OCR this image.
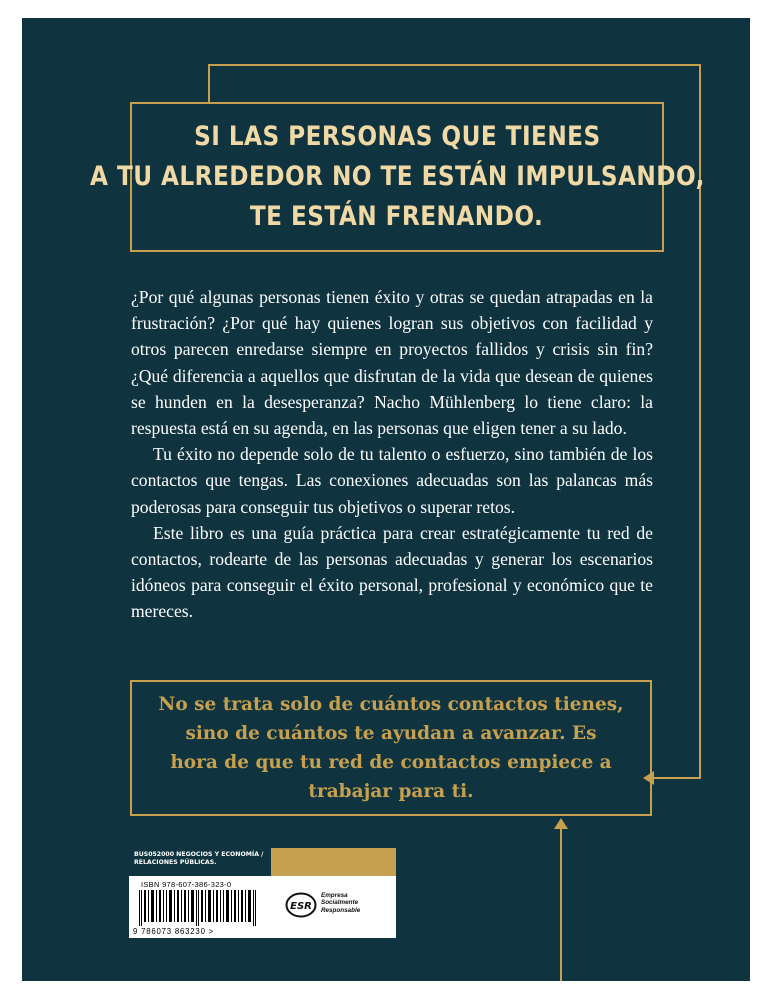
SI LAS PERSONAS QUE TIENES
A TU ALREDEDOR NO TE ESTÁN IMPULSANDO,
TE ESTÁN FRENANDO.

¿Por qué algunas personas tienen éxito y otras se quedan atrapadas en la frustración? ¿Por qué hay quienes logran sus objetivos con facilidad y otros parecen enredarse siempre en proyectos fallidos y crisis sin fin? ¿Qué diferencia a aquellos que disfrutan de la vida que desean de quienes se hunden en la desesperanza? Nacho Mühlenberg lo tiene claro: la respuesta está en su agenda, en las personas que eligen tener a su lado.

Tu éxito no depende solo de tu talento o esfuerzo, sino también de los contactos que tengas. Las conexiones adecuadas son las palancas más poderosas para conseguir tus objetivos o superar retos.

Este libro es una guía práctica para crear estratégicamente tu red de contactos, rodearte de las personas adecuadas y generar los escenarios idóneos para conseguir el éxito personal, profesional y económico que te mereces.

No se trata solo de cuántos contactos tienes,
sino de cuántos te ayudan a avanzar. Es
hora de que tu red de contactos empiece a
trabajar para ti.
BUS052000 NEGOCIOS Y ECONOMÍA /
RELACIONES PÚBLICAS.
ISBN 978-607-386-323-0
9 786073 863230 >
ESR
Empresa
Socialmente
Responsable
